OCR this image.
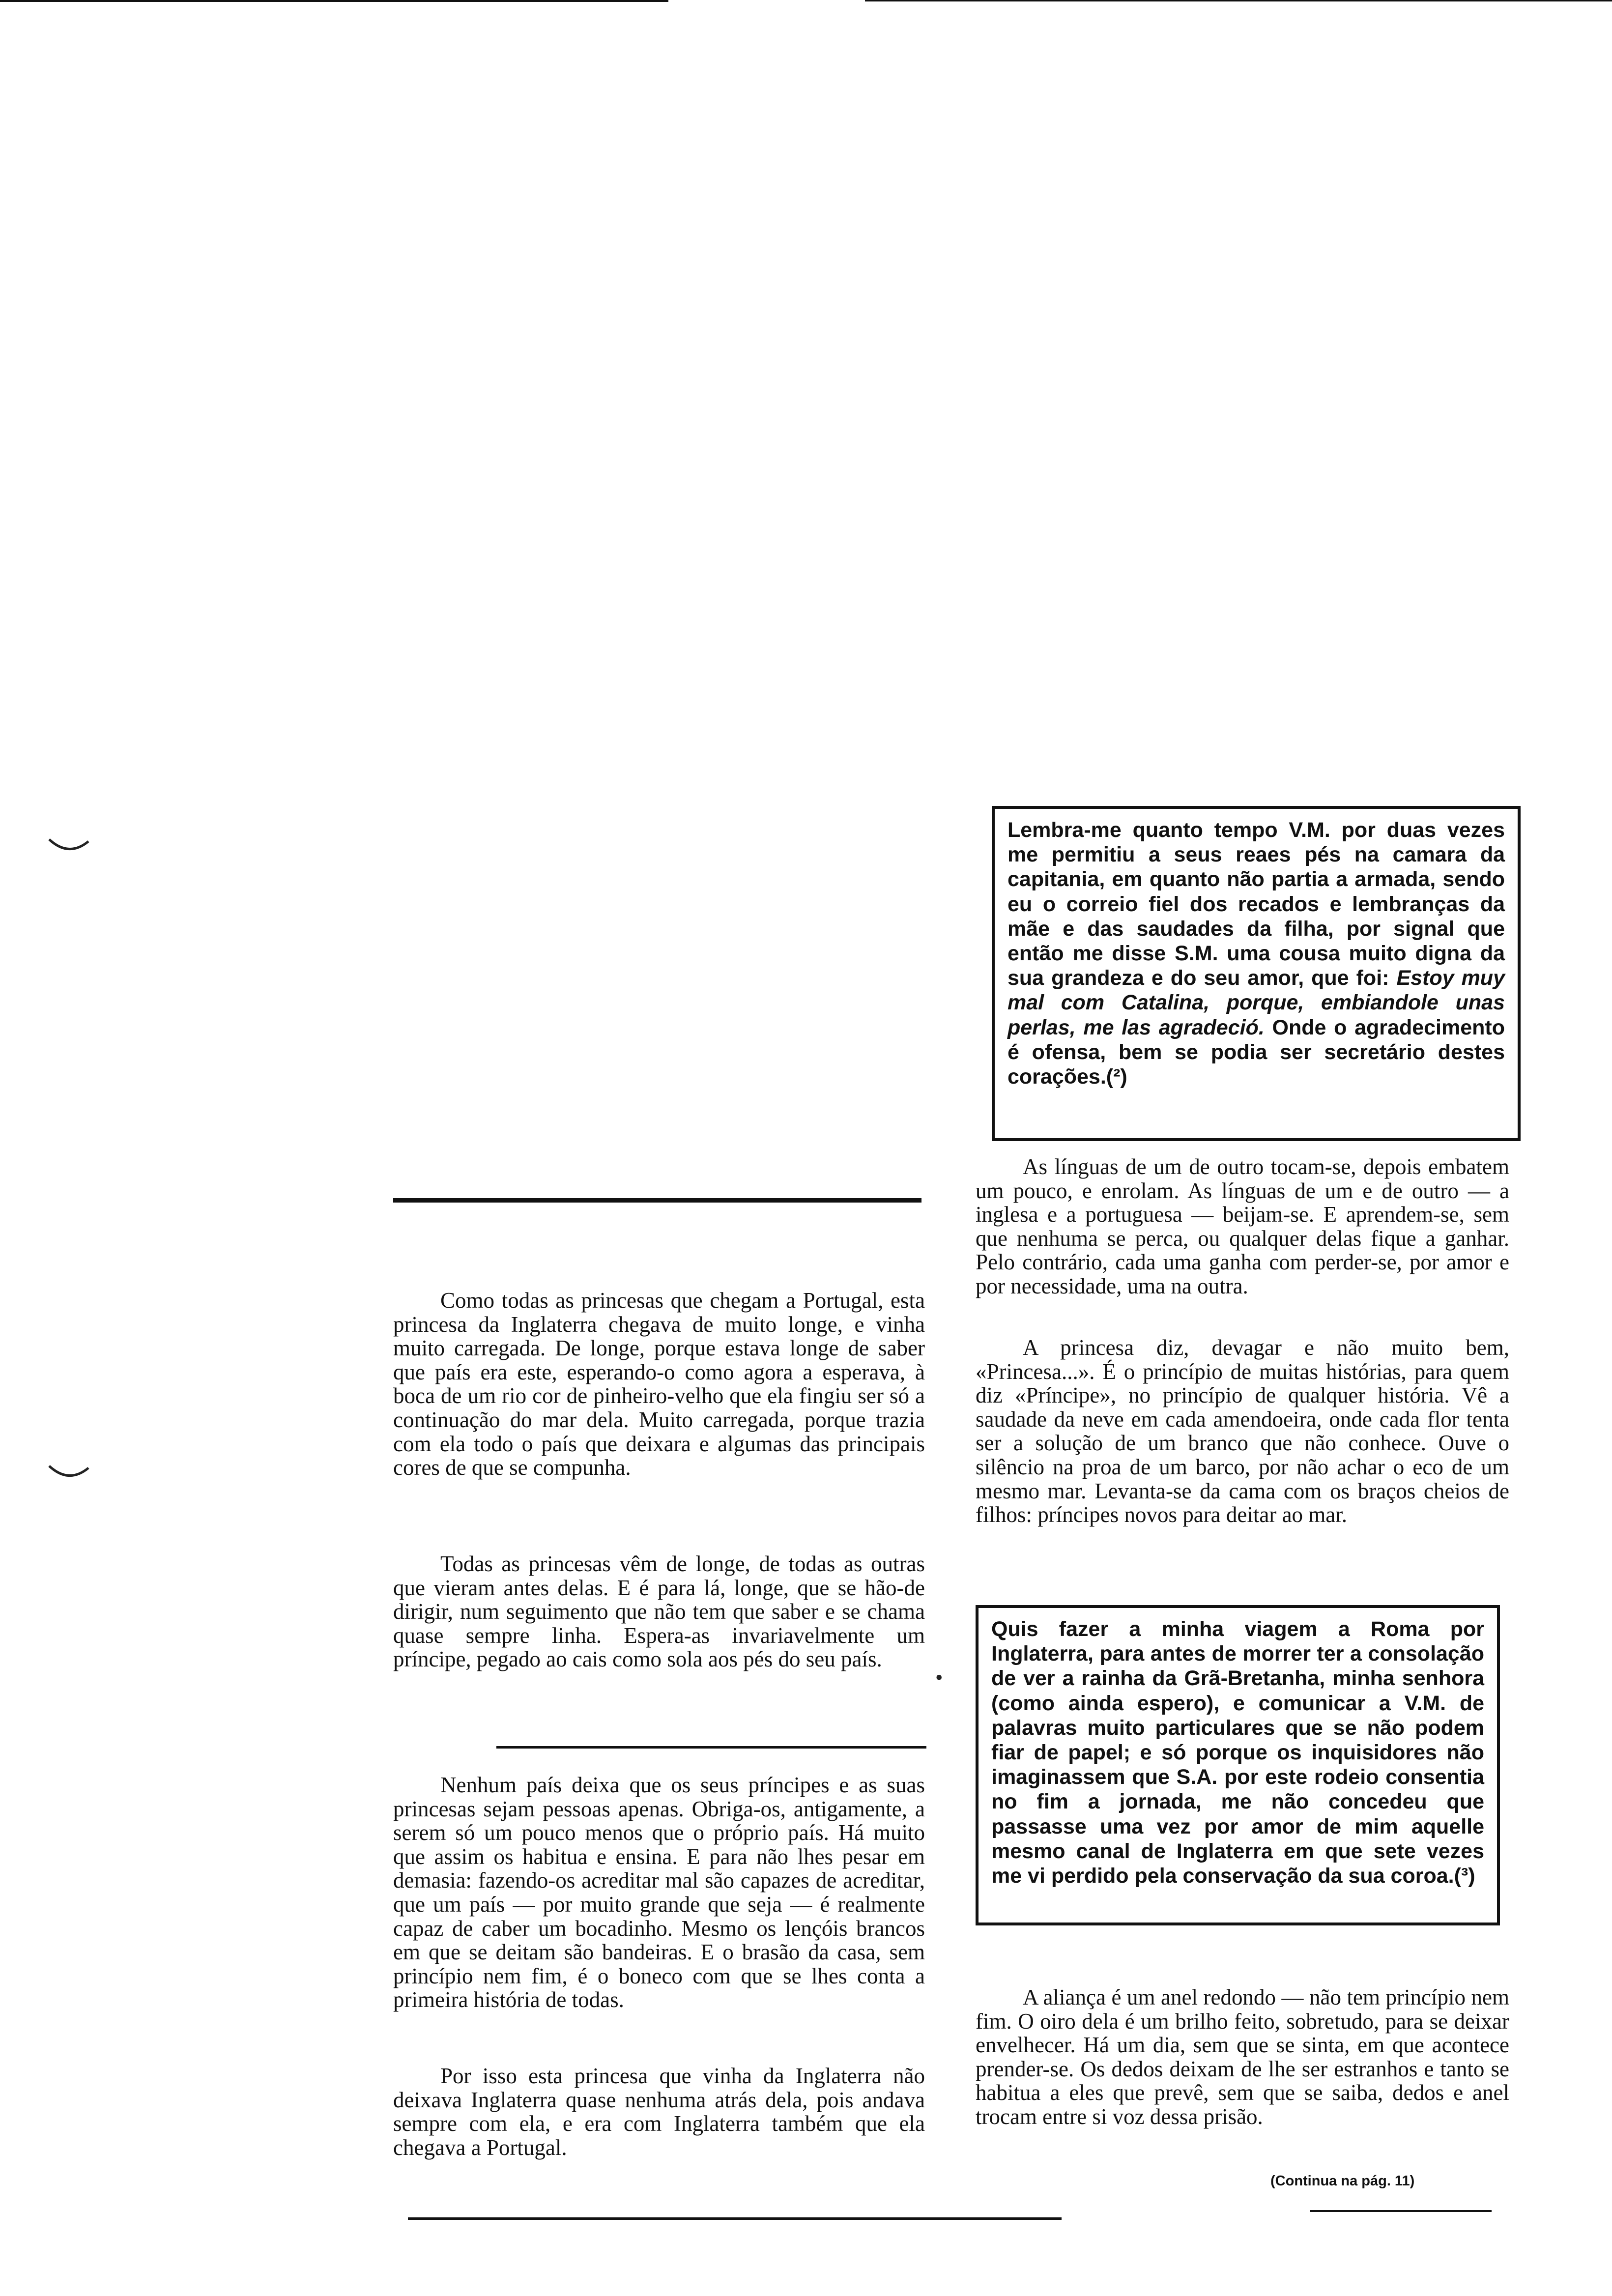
Lembra-me quanto tempo V.M. por duas vezes me permitiu a seus reaes pés na camara da capitania, em quanto não partia a armada, sendo eu o correio fiel dos recados e lembranças da mãe e das saudades da filha, por signal que então me disse S.M. uma cousa muito digna da sua grandeza e do seu amor, que foi: Estoy muy mal com Catalina, porque, embiandole unas perlas, me las agradeció. Onde o agradecimento é ofensa, bem se podia ser secretário destes corações.(²)
Como todas as princesas que chegam a Portugal, esta princesa da Inglaterra chegava de muito longe, e vinha muito carregada. De longe, porque estava longe de saber que país era este, esperando-o como agora a esperava, à boca de um rio cor de pinheiro-velho que ela fingiu ser só a continuação do mar dela. Muito carregada, porque trazia com ela todo o país que deixara e algumas das principais cores de que se compunha.
Todas as princesas vêm de longe, de todas as outras que vieram antes delas. E é para lá, longe, que se hão-de dirigir, num seguimento que não tem que saber e se chama quase sempre linha. Espera-as invariavelmente um príncipe, pegado ao cais como sola aos pés do seu país.
•
Nenhum país deixa que os seus príncipes e as suas princesas sejam pessoas apenas. Obriga-os, antigamente, a serem só um pouco menos que o próprio país. Há muito que assim os habitua e ensina. E para não lhes pesar em demasia: fazendo-os acreditar mal são capazes de acreditar, que um país — por muito grande que seja — é realmente capaz de caber um bocadinho. Mesmo os lençóis brancos em que se deitam são bandeiras. E o brasão da casa, sem princípio nem fim, é o boneco com que se lhes conta a primeira história de todas.
Por isso esta princesa que vinha da Inglaterra não deixava Inglaterra quase nenhuma atrás dela, pois andava sempre com ela, e era com Inglaterra também que ela chegava a Portugal.
As línguas de um de outro tocam-se, depois embatem um pouco, e enrolam. As línguas de um e de outro — a inglesa e a portuguesa — beijam-se. E aprendem-se, sem que nenhuma se perca, ou qualquer delas fique a ganhar. Pelo contrário, cada uma ganha com perder-se, por amor e por necessidade, uma na outra.
A princesa diz, devagar e não muito bem, «Princesa...». É o princípio de muitas histórias, para quem diz «Príncipe», no princípio de qualquer história. Vê a saudade da neve em cada amendoeira, onde cada flor tenta ser a solução de um branco que não conhece. Ouve o silêncio na proa de um barco, por não achar o eco de um mesmo mar. Levanta-se da cama com os braços cheios de filhos: príncipes novos para deitar ao mar.
Quis fazer a minha viagem a Roma por Inglaterra, para antes de morrer ter a consolação de ver a rainha da Grã-Bretanha, minha senhora (como ainda espero), e comunicar a V.M. de palavras muito particulares que se não podem fiar de papel; e só porque os inquisidores não imaginassem que S.A. por este rodeio consentia no fim a jornada, me não concedeu que passasse uma vez por amor de mim aquelle mesmo canal de Inglaterra em que sete vezes me vi perdido pela conservação da sua coroa.(³)
A aliança é um anel redondo — não tem princípio nem fim. O oiro dela é um brilho feito, sobretudo, para se deixar envelhecer. Há um dia, sem que se sinta, em que acontece prender-se. Os dedos deixam de lhe ser estranhos e tanto se habitua a eles que prevê, sem que se saiba, dedos e anel trocam entre si voz dessa prisão.
(Continua na pág. 11)
